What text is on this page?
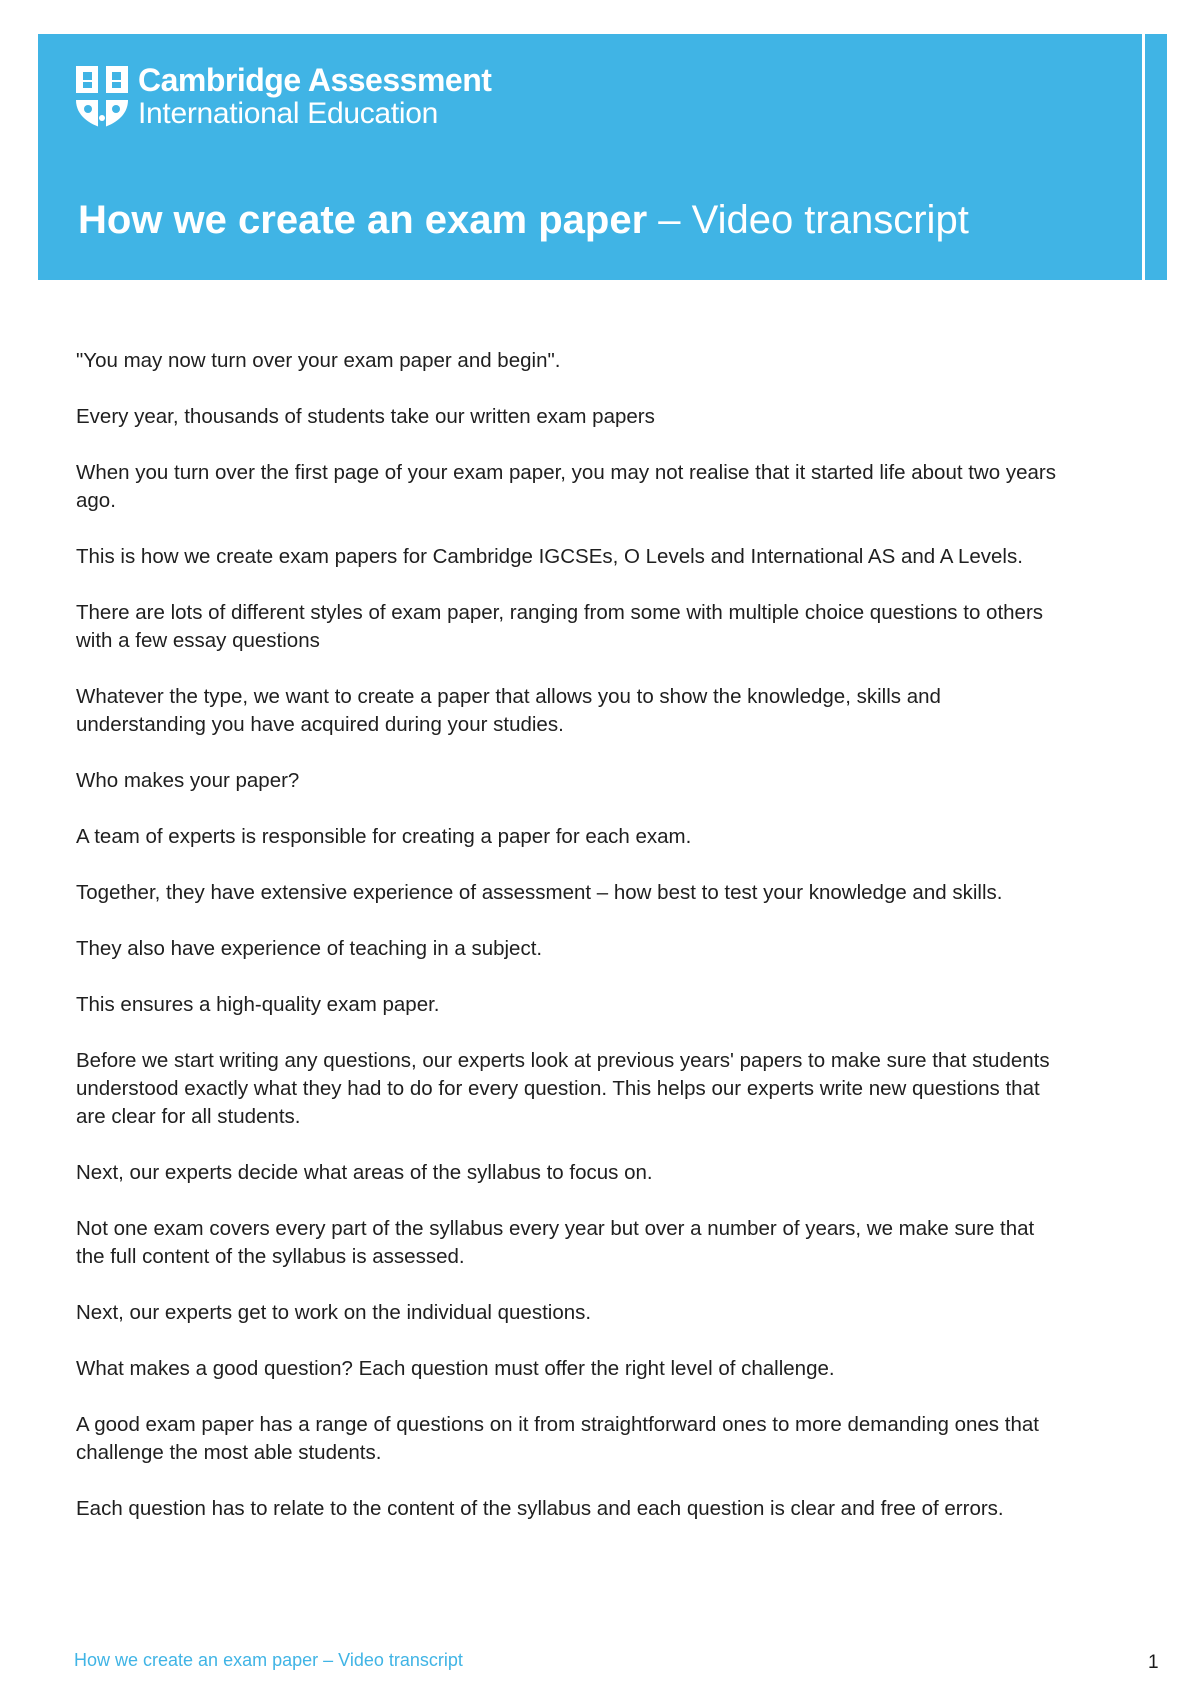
Cambridge Assessment
International Education
How we create an exam paper – Video transcript
Exams officers

"You may now turn over your exam paper and begin".

Every year, thousands of students take our written exam papers

When you turn over the first page of your exam paper, you may not realise that it started life about two years ago.

This is how we create exam papers for Cambridge IGCSEs, O Levels and International AS and A Levels.

There are lots of different styles of exam paper, ranging from some with multiple choice questions to others with a few essay questions

Whatever the type, we want to create a paper that allows you to show the knowledge, skills and understanding you have acquired during your studies.

Who makes your paper?

A team of experts is responsible for creating a paper for each exam.

Together, they have extensive experience of assessment – how best to test your knowledge and skills.

They also have experience of teaching in a subject.

This ensures a high-quality exam paper.

Before we start writing any questions, our experts look at previous years' papers to make sure that students understood exactly what they had to do for every question. This helps our experts write new questions that are clear for all students.

Next, our experts decide what areas of the syllabus to focus on.

Not one exam covers every part of the syllabus every year but over a number of years, we make sure that the full content of the syllabus is assessed.

Next, our experts get to work on the individual questions.

What makes a good question? Each question must offer the right level of challenge.

A good exam paper has a range of questions on it from straightforward ones to more demanding ones that challenge the most able students.

Each question has to relate to the content of the syllabus and each question is clear and free of errors.

How we create an exam paper – Video transcript	1
